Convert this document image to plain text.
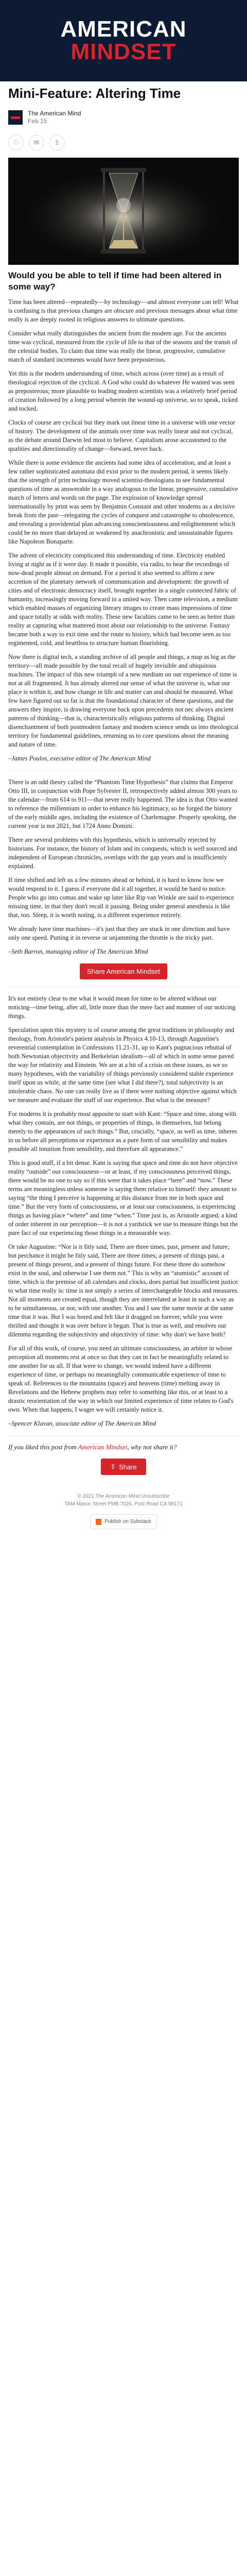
AMERICAN
MINDSET
Mini-Feature: Altering Time
The American Mind
Feb 15
♡ ✉ ⇪
Would you be able to tell if time had been altered in some way?

Time has been altered—repeatedly—by technology—and almost everyone can tell! What is confusing is that previous changes are obscure and previous messages about what time really is are deeply rooted in religious answers to ultimate questions.

Consider what really distinguishes the ancient from the modern age. For the ancients time was cyclical, measured from the cycle of life to that of the seasons and the transit of the celestial bodies. To claim that time was really the linear, progressive, cumulative march of standard increments would have been preposterous.

Yet this is the modern understanding of time, which across (over time) as a result of theological rejection of the cyclical. A God who could do whatever He wanted was seen as preposterous; more plausible to leading modern scientists was a relatively brief period of creation followed by a long period wherein the wound-up universe, so to speak, ticked and tocked.

Clocks of course are cyclical but they mark out linear time in a universe with one vector of history. The development of the animals over time was really linear and not cyclical, as the debate around Darwin led most to believe. Capitalism arose accustomed to the qualities and directionality of change—forward, never back.

While there is some evidence the ancients had some idea of acceleration, and at least a few rather sophisticated automata did exist prior to the modern period, it seems likely that the strength of print technology moved scientist-theologians to see fundamental questions of time as answerable in a way analogous to the linear, progressive, cumulative march of letters and words on the page. The explosion of knowledge spread internationally by print was seen by Benjamin Constant and other moderns as a decisive break from the past—relegating the cycles of conquest and catastrophe to obsolescence, and revealing a providential plan advancing conscientiousness and enlightenment which could be no more than delayed or weakened by anachronistic and unsustainable figures like Napoleon Bonaparte.

The advent of electricity complicated this understanding of time. Electricity enabled living at night as if it were day. It made it possible, via radio, to hear the recordings of now-dead people almost on demand. For a period it also seemed to affirm a new accretion of the planetary network of communication and development: the growth of cities and of electronic democracy itself, brought together in a single connected fabric of humanity, increasingly moving forward in a united way. Then came television, a medium which enabled masses of organizing literary images to create mass impressions of time and space totally at odds with reality. These new faculties came to be seen as better than reality at capturing what mattered most about our relationship to the universe. Fantasy became both a way to exit time and the route to history, which had become seen as too regimented, cold, and heartless to structure human flourishing.

Now there is digital tech, a standing archive of all people and things, a map as big as the territory—all made possible by the total recall of hugely invisible and ubiquitous machines. The impact of this new triumph of a new medium on our experience of time is not at all fragmented. It has already altered our sense of what the universe is, what our place is within it, and how change in life and matter can and should be measured. What few have figured out so far is that the foundational character of these questions, and the answers they inspire, is drawing everyone back upon precedents not nec always ancient patterns of thinking—that is, characteristically religious patterns of thinking. Digital disenchantment of both postmodern fantasy and modern science sends us into theological territory for fundamental guidelines, returning us to core questions about the meaning and nature of time.

–James Poulos, executive editor of The American Mind

There is an odd theory called the “Phantom Time Hypothesis” that claims that Emperor Otto III, in conjunction with Pope Sylvester II, retrospectively added almost 300 years to the calendar—from 614 to 911—that never really happened. The idea is that Otto wanted to reference the millennium in order to enhance his legitimacy, so he forged the history of the early middle ages, including the existence of Charlemagne. Properly speaking, the current year is not 2021, but 1724 Anno Domini.

There are several problems with this hypothesis, which is universally rejected by historians. For instance, the history of Islam and its conquests, which is well sourced and independent of European chronicles, overlaps with the gap years and is insufficiently explained.

If time shifted and left us a few minutes ahead or behind, it is hard to know how we would respond to it. I guess if everyone did it all together, it would be hard to notice. People who go into comas and wake up later like Rip van Winkle are said to experience missing time, in that they don't recall it passing. Being under general anesthesia is like that, too. Sleep, it is worth noting, is a different experience entirely.

We already have time machines—it's just that they are stuck in one direction and have only one speed. Putting it in reverse or unjamming the throttle is the tricky part.

–Seth Barron, managing editor of The American Mind

Share American Mindset

It's not entirely clear to me what it would mean for time to be altered without our noticing—time being, after all, little more than the mere fact and manner of our noticing things.

Speculation upon this mystery is of course among the great traditions in philosophy and theology, from Aristotle's patient analysis in Physics 4.10-13, through Augustine's reverential contemplation in Confessions 11.21-31, up to Kant's pugnacious rebuttal of both Newtonian objectivity and Berkeleian idealism—all of which in some sense paved the way for relativity and Einstein. We are at a bit of a crisis on these issues, as we so many hypotheses, with the variability of things previously considered stable experience itself upon us while, at the same time (see what I did there?), total subjectivity is an intolerable chaos. No one can really live as if there were nothing objective against which we measure and evaluate the stuff of our experience. But what is the measure?

For moderns it is probably most apposite to start with Kant: “Space and time, along with what they contain, are not things, or properties of things, in themselves, but belong merely to the appearances of such things.” But, crucially, “space, as well as time, inheres in us before all perceptions or experience as a pure form of our sensibility and makes possible all intuition from sensibility, and therefore all appearance.”

This is good stuff, if a bit dense. Kant is saying that space and time do not have objective reality “outside” our consciousness—or at least, if my consciousness perceived things, there would be no one to say so if this were that it takes place “here” and “now.” These terms are meaningless unless someone is saying them relative to himself: they amount to saying “the thing I perceive is happening at this distance from me in both space and time.” But the very form of consciousness, or at least our consciousness, is experiencing things as having place “where” and time “when.” Time just is, as Aristotle argued, a kind of order inherent in our perception—it is not a yardstick we use to measure things but the pure fact of our experiencing those things in a measurable way.

Or take Augustine: “Nor is it fitly said, There are three times, past, present and future; but perchance it might be fitly said, There are three times; a present of things past, a present of things present, and a present of things future. For these three do somehow exist in the soul, and otherwise I see them not.” This is why an “atomistic” account of time, which is the premise of all calendars and clocks, does partial but insufficient justice to what time really is: time is not simply a series of interchangeable blocks and measures. Not all moments are created equal, though they are interrelated at least in such a way as to be simultaneous, or not, with one another. You and I saw the same movie at the same time that it was. But I was bored and felt like it dragged on forever, while you were thrilled and thought it was over before it began. That is true as well, and resolves our dilemma regarding the subjectivity and objectivity of time: why don't we have both?

For all of this work, of course, you need an ultimate consciousness, an arbiter in whose perception all moments rest at once so that they can in fact be meaningfully related to one another for us all. If that were to change, we would indeed have a different experience of time, or perhaps no meaningfully communicable experience of time to speak of. References to the mountains (space) and heavens (time) melting away in Revelations and the Hebrew prophets may refer to something like this, or at least to a drastic reorientation of the way in which our limited experience of time relates to God's own. When that happens, I wager we will certainly notice it.

–Spencer Klavan, associate editor of The American Mind

If you liked this post from American Mindset, why not share it?

⇪ Share
© 2021 The American Mind Unsubscribe
TAM Manor Street PMB 7026, Post Road CA 98171
Publish on Substack
